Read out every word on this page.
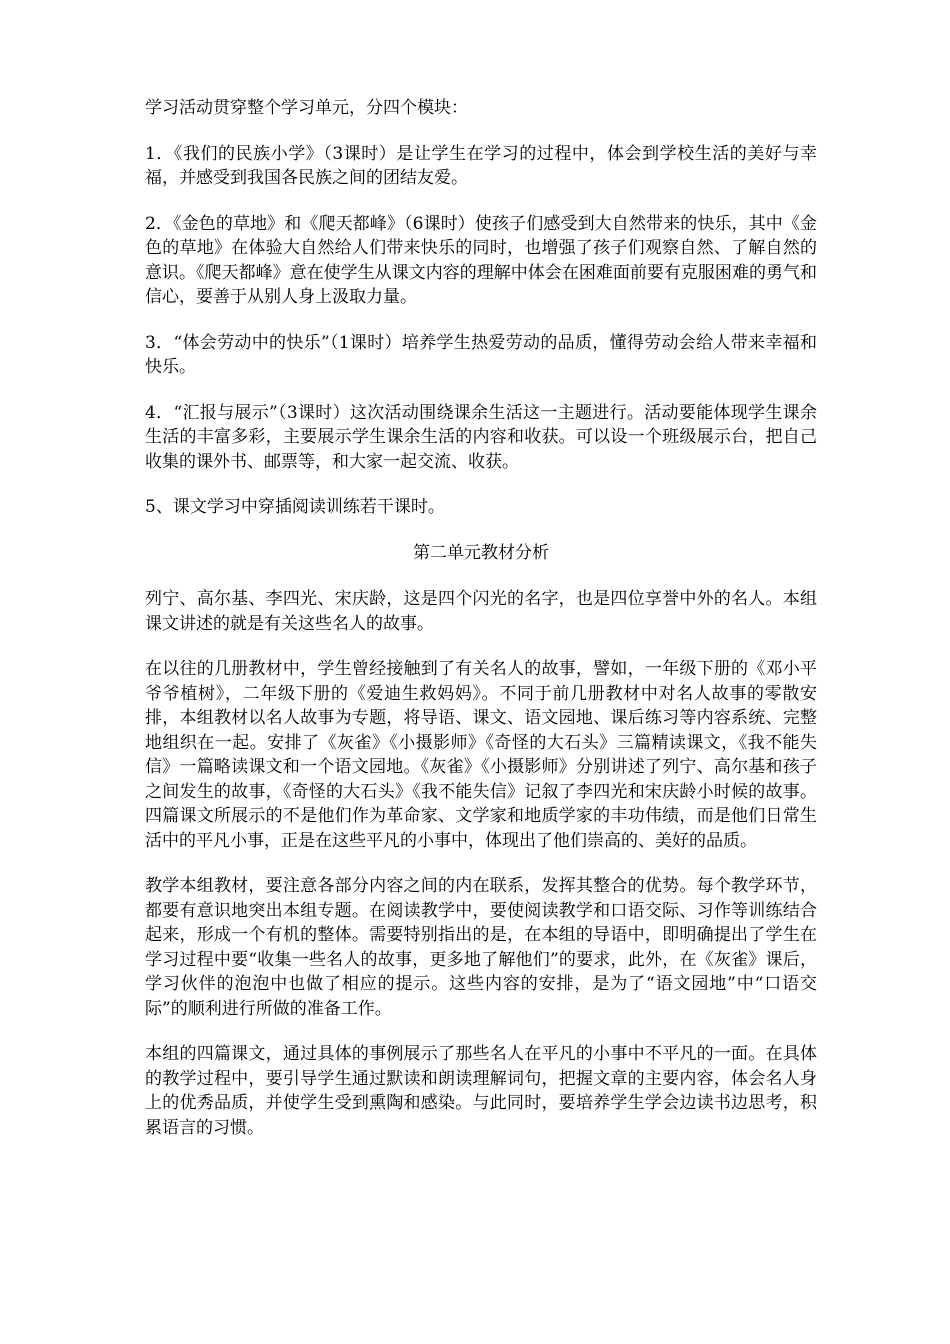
学习活动贯穿整个学习单元，分四个模块：

1．《我们的民族小学》（3课时）是让学生在学习的过程中，体会到学校生活的美好与幸福，并感受到我国各民族之间的团结友爱。

2．《金色的草地》和《爬天都峰》（6课时）使孩子们感受到大自然带来的快乐，其中《金色的草地》在体验大自然给人们带来快乐的同时，也增强了孩子们观察自然、了解自然的意识。《爬天都峰》意在使学生从课文内容的理解中体会在困难面前要有克服困难的勇气和信心，要善于从别人身上汲取力量。

3．“体会劳动中的快乐”（1课时）培养学生热爱劳动的品质，懂得劳动会给人带来幸福和快乐。

4．“汇报与展示”（3课时）这次活动围绕课余生活这一主题进行。活动要能体现学生课余生活的丰富多彩，主要展示学生课余生活的内容和收获。可以设一个班级展示台，把自己收集的课外书、邮票等，和大家一起交流、收获。

5、课文学习中穿插阅读训练若干课时。

第二单元教材分析

列宁、高尔基、李四光、宋庆龄，这是四个闪光的名字，也是四位享誉中外的名人。本组课文讲述的就是有关这些名人的故事。

在以往的几册教材中，学生曾经接触到了有关名人的故事，譬如，一年级下册的《邓小平爷爷植树》，二年级下册的《爱迪生救妈妈》。不同于前几册教材中对名人故事的零散安排，本组教材以名人故事为专题，将导语、课文、语文园地、课后练习等内容系统、完整地组织在一起。安排了《灰雀》《小摄影师》《奇怪的大石头》三篇精读课文，《我不能失信》一篇略读课文和一个语文园地。《灰雀》《小摄影师》分别讲述了列宁、高尔基和孩子之间发生的故事，《奇怪的大石头》《我不能失信》记叙了李四光和宋庆龄小时候的故事。四篇课文所展示的不是他们作为革命家、文学家和地质学家的丰功伟绩，而是他们日常生活中的平凡小事，正是在这些平凡的小事中，体现出了他们崇高的、美好的品质。

教学本组教材，要注意各部分内容之间的内在联系，发挥其整合的优势。每个教学环节，都要有意识地突出本组专题。在阅读教学中，要使阅读教学和口语交际、习作等训练结合起来，形成一个有机的整体。需要特别指出的是，在本组的导语中，即明确提出了学生在学习过程中要“收集一些名人的故事，更多地了解他们”的要求，此外，在《灰雀》课后，学习伙伴的泡泡中也做了相应的提示。这些内容的安排，是为了“语文园地”中“口语交际”的顺利进行所做的准备工作。

本组的四篇课文，通过具体的事例展示了那些名人在平凡的小事中不平凡的一面。在具体的教学过程中，要引导学生通过默读和朗读理解词句，把握文章的主要内容，体会名人身上的优秀品质，并使学生受到熏陶和感染。与此同时，要培养学生学会边读书边思考，积累语言的习惯。
